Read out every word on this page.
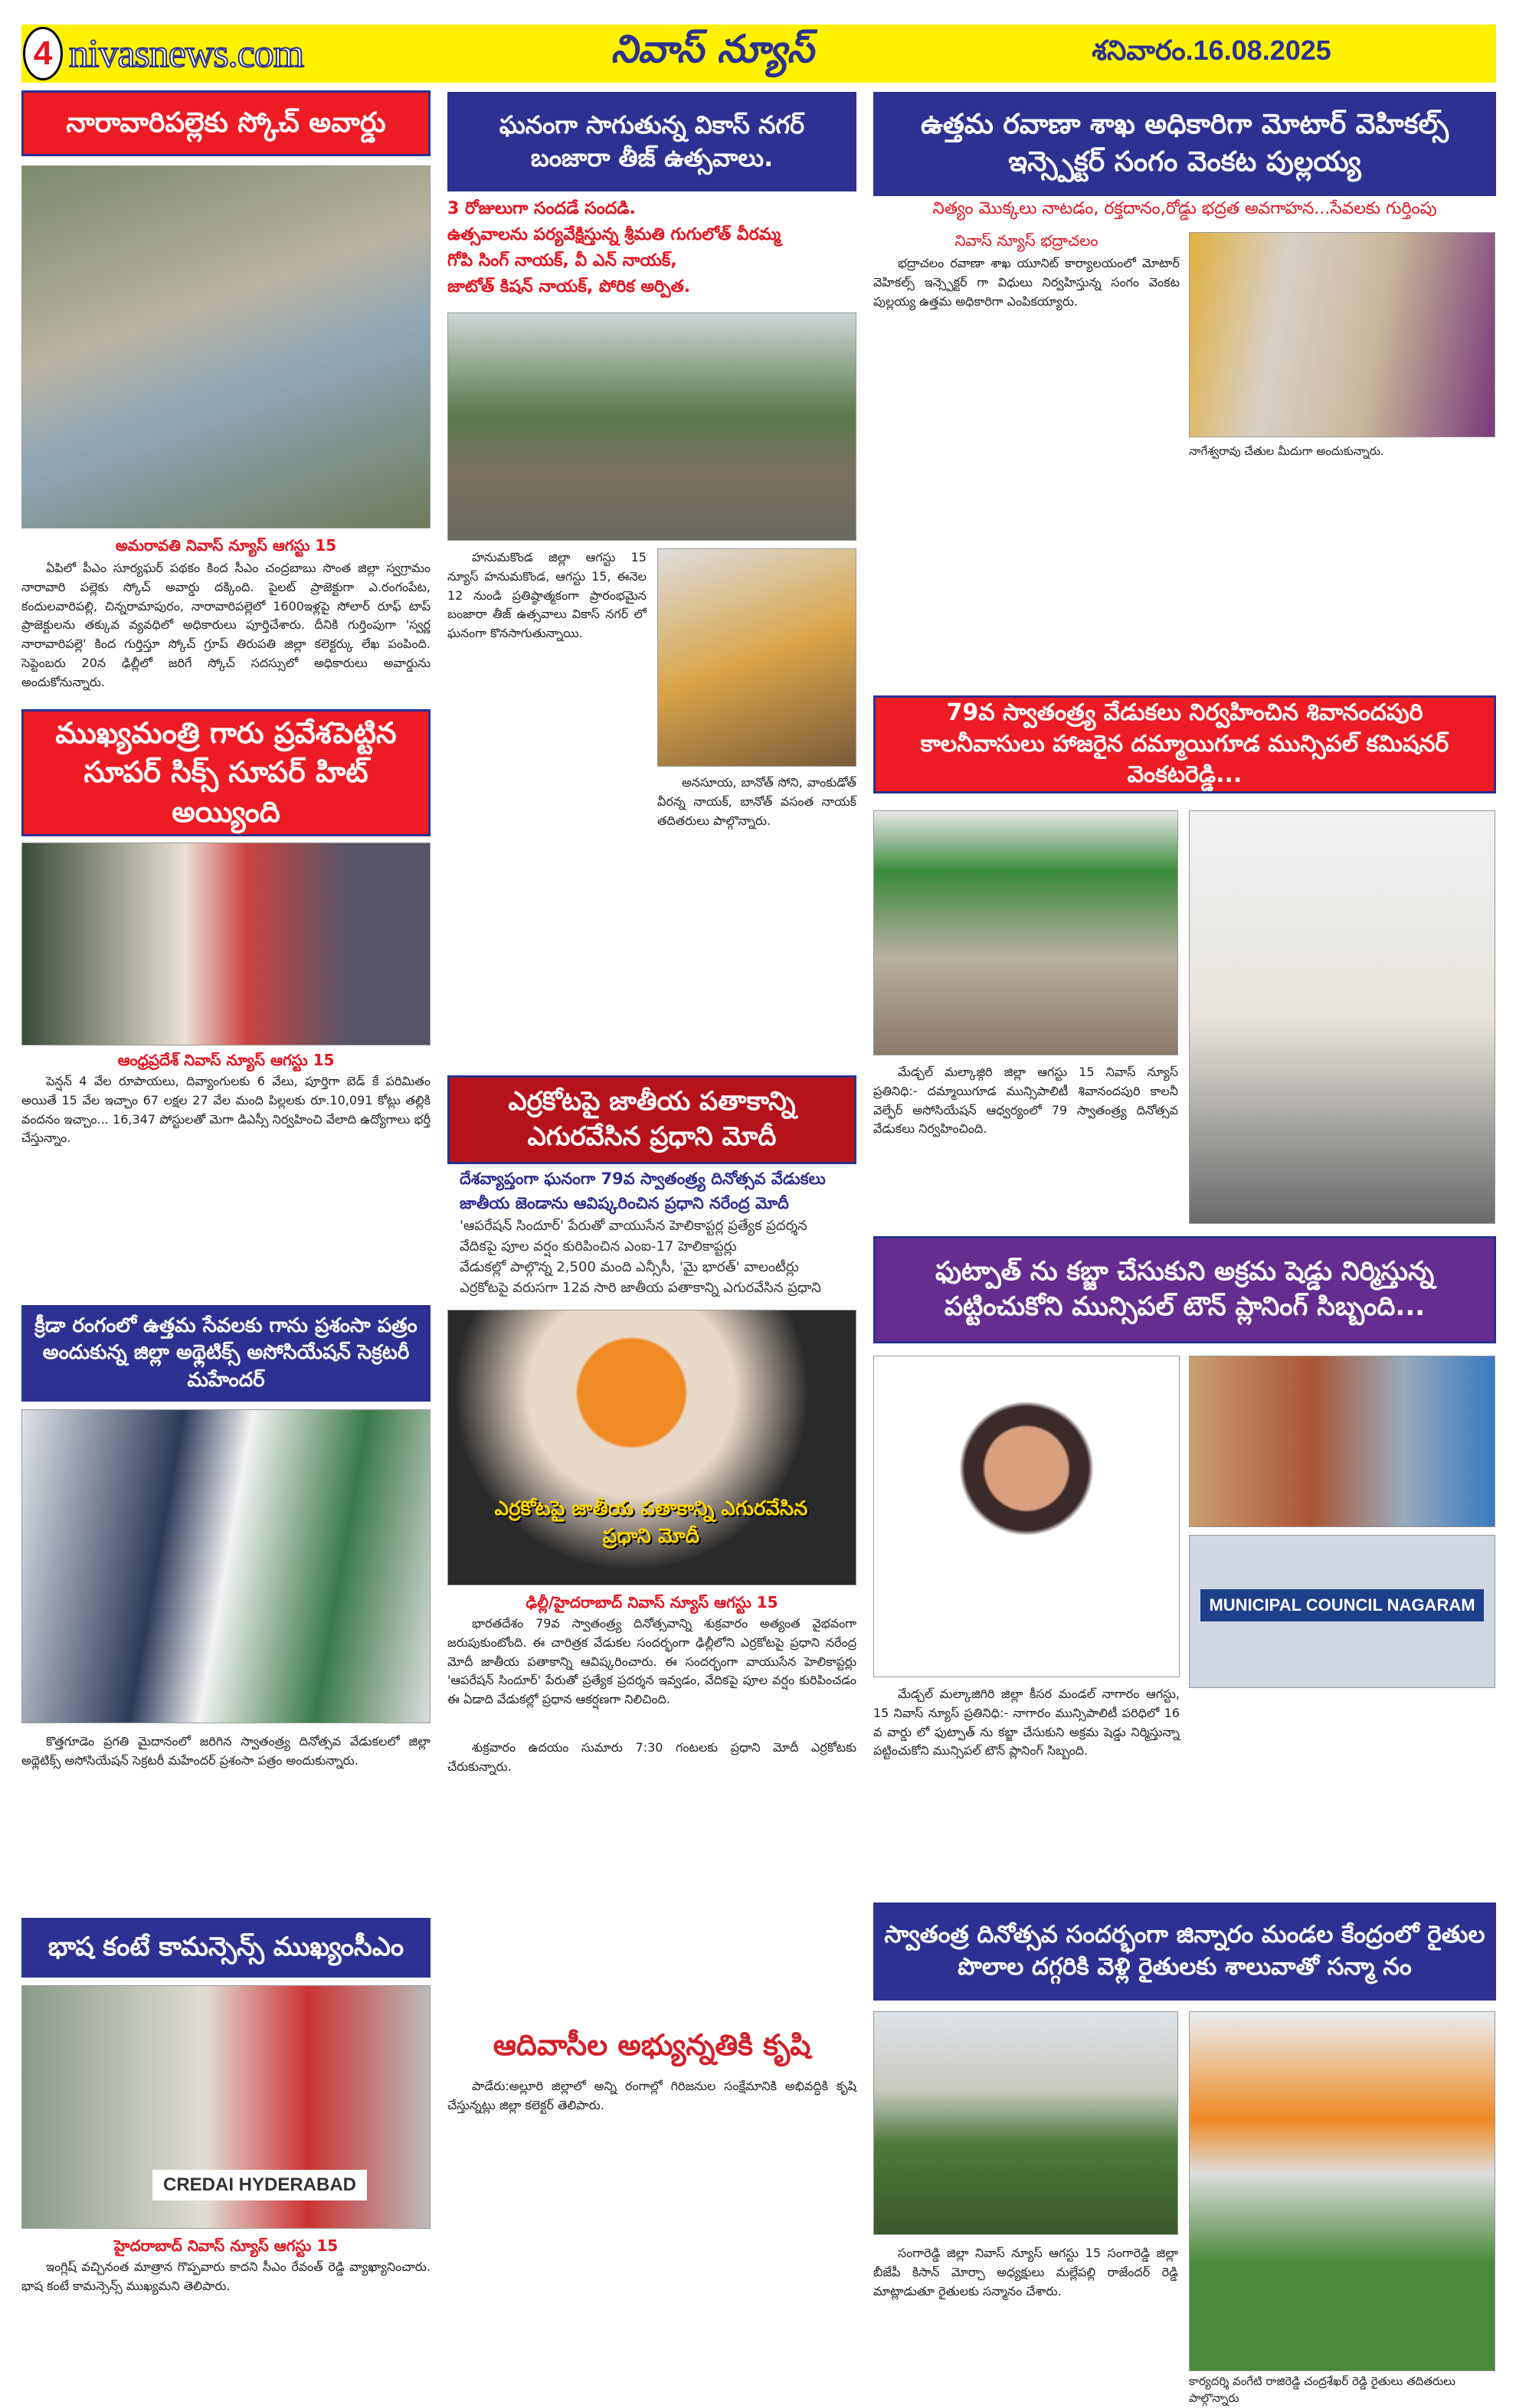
4 nivasnews.com	నివాస్ న్యూస్	శనివారం.16.08.2025
నారావారిపల్లెకు స్కోచ్ అవార్డు
అమరావతి నివాస్ న్యూస్ ఆగస్టు 15
ఏపిలో పీఎం సూర్యఘర్ పథకం కింద సీఎం చంద్రబాబు సొంత జిల్లా స్వగ్రామం నారావారి పల్లెకు స్కోచ్ అవార్డు దక్కింది. పైలట్ ప్రాజెక్టుగా ఎ.రంగంపేట, కందులవారిపల్లి, చిన్నరామాపురం, నారావారిపల్లెలో 1600ఇళ్లపై సోలార్ రూఫ్ టాప్ ప్రాజెక్టులను తక్కువ వ్యవధిలో అధికారులు పూర్తిచేశారు. దీనికి గుర్తింపుగా 'స్వర్ణ నారావారిపల్లె' కింద గుర్తిస్తూ స్కోచ్ గ్రూప్ తిరుపతి జిల్లా కలెక్టర్కు లేఖ పంపింది. సెప్టెంబరు 20న ఢిల్లీలో జరిగే స్కోచ్ సదస్సులో అధికారులు అవార్డును అందుకోనున్నారు.
ముఖ్యమంత్రి గారు ప్రవేశపెట్టిన సూపర్ సిక్స్ సూపర్ హిట్ అయ్యింది
ఆంధ్రప్రదేశ్ నివాస్ న్యూస్ ఆగస్టు 15
పెన్షన్ 4 వేల రూపాయలు, దివ్యాంగులకు 6 వేలు, పూర్తిగా బెడ్ కే పరిమితం అయితే 15 వేల ఇచ్చాం 67 లక్షల 27 వేల మంది పిల్లలకు రూ.10,091 కోట్లు తల్లికి వందనం ఇచ్చాం... 16,347 పోస్టులతో మెగా డిఎస్సీ నిర్వహించి వేలాది ఉద్యోగాలు భర్తీ చేస్తున్నాం.
క్రీడా రంగంలో ఉత్తమ సేవలకు గాను ప్రశంసా పత్రం అందుకున్న జిల్లా అథ్లెటిక్స్ అసోసియేషన్ సెక్రటరీ మహేందర్
కొత్తగూడెం ప్రగతి మైదానంలో జరిగిన స్వాతంత్ర్య దినోత్సవ వేడుకలలో జిల్లా అథ్లెటిక్స్ అసోసియేషన్ సెక్రటరీ మహేందర్ ప్రశంసా పత్రం అందుకున్నారు.
భాష కంటే కామన్సెన్స్ ముఖ్యంసీఎం
CREDAI HYDERABAD
హైదరాబాద్ నివాస్ న్యూస్ ఆగస్టు 15
ఇంగ్లిష్ వచ్చినంత మాత్రాన గొప్పవారు కాదని సీఎం రేవంత్ రెడ్డి వ్యాఖ్యానించారు. భాష కంటే కామన్సెన్స్ ముఖ్యమని తెలిపారు.
ఘనంగా సాగుతున్న వికాస్ నగర్ బంజారా తీజ్ ఉత్సవాలు.
3 రోజులుగా సందడే సందడి.
ఉత్సవాలను పర్యవేక్షిస్తున్న శ్రీమతి గుగులోత్ వీరమ్మ
గోపి సింగ్ నాయక్, వీ ఎన్ నాయక్,
జాటోత్ కిషన్ నాయక్, పోరిక అర్పిత.
హనుమకొండ జిల్లా ఆగస్టు 15 న్యూస్ హనుమకొండ, ఆగస్టు 15, ఈనెల 12 నుండి ప్రతిష్ఠాత్మకంగా ప్రారంభమైన బంజారా తీజ్ ఉత్సవాలు వికాస్ నగర్ లో ఘనంగా కొనసాగుతున్నాయి.
అనసూయ, బానోత్ సోని, వాంకుడోత్ వీరన్న నాయక్, బానోత్ వసంత నాయక్ తదితరులు పాల్గొన్నారు.
ఎర్రకోటపై జాతీయ పతాకాన్ని ఎగురవేసిన ప్రధాని మోదీ
దేశవ్యాప్తంగా ఘనంగా 79వ స్వాతంత్ర్య దినోత్సవ వేడుకలు
జాతీయ జెండాను ఆవిష్కరించిన ప్రధాని నరేంద్ర మోదీ
'ఆపరేషన్ సిందూర్' పేరుతో వాయుసేన హెలికాప్టర్ల ప్రత్యేక ప్రదర్శన
వేదికపై పూల వర్షం కురిపించిన ఎంఐ-17 హెలికాప్టర్లు
వేడుకల్లో పాల్గొన్న 2,500 మంది ఎన్సీసీ, 'మై భారత్' వాలంటీర్లు
ఎర్రకోటపై వరుసగా 12వ సారి జాతీయ పతాకాన్ని ఎగురవేసిన ప్రధాని
ఎర్రకోటపై జాతీయ పతాకాన్ని ఎగురవేసిన ప్రధాని మోదీ
ఢిల్లీ/హైదరాబాద్ నివాస్ న్యూస్ ఆగస్టు 15
భారతదేశం 79వ స్వాతంత్ర్య దినోత్సవాన్ని శుక్రవారం అత్యంత వైభవంగా జరుపుకుంటోంది. ఈ చారిత్రక వేడుకల సందర్భంగా ఢిల్లీలోని ఎర్రకోటపై ప్రధాని నరేంద్ర మోదీ జాతీయ పతాకాన్ని ఆవిష్కరించారు. ఈ సందర్భంగా వాయుసేన హెలికాప్టర్లు 'ఆపరేషన్ సిందూర్' పేరుతో ప్రత్యేక ప్రదర్శన ఇవ్వడం, వేదికపై పూల వర్షం కురిపించడం ఈ ఏడాది వేడుకల్లో ప్రధాన ఆకర్షణగా నిలిచింది.
శుక్రవారం ఉదయం సుమారు 7:30 గంటలకు ప్రధాని మోదీ ఎర్రకోటకు చేరుకున్నారు.
ఆదివాసీల అభ్యున్నతికి కృషి
పాడేరు:అల్లూరి జిల్లాలో అన్ని రంగాల్లో గిరిజనుల సంక్షేమానికి అభివద్ధికి కృషి చేస్తున్నట్లు జిల్లా కలెక్టర్ తెలిపారు.
ఉత్తమ రవాణా శాఖ అధికారిగా మోటార్ వెహికల్స్ ఇన్స్పెక్టర్ సంగం వెంకట పుల్లయ్య
నిత్యం మొక్కలు నాటడం, రక్తదానం,రోడ్డు భద్రత అవగాహన...సేవలకు గుర్తింపు
నివాస్ న్యూస్ భద్రాచలం
భద్రాచలం రవాణా శాఖ యూనిట్ కార్యాలయంలో మోటార్ వెహికల్స్ ఇన్స్పెక్టర్ గా విధులు నిర్వహిస్తున్న సంగం వెంకట పుల్లయ్య ఉత్తమ అధికారిగా ఎంపికయ్యారు.
నాగేశ్వరావు చేతుల మీదుగా అందుకున్నారు.
79వ స్వాతంత్ర్య వేడుకలు నిర్వహించిన శివానందపురి కాలనీవాసులు హాజరైన దమ్మాయిగూడ మున్సిపల్ కమిషనర్ వెంకటరెడ్డి...
మేడ్చల్ మల్కాజ్గిరి జిల్లా ఆగస్టు 15 నివాస్ న్యూస్ ప్రతినిధి:- దమ్మాయిగూడ మున్సిపాలిటీ శివానందపురి కాలనీ వెల్ఫేర్ అసోసియేషన్ ఆధ్వర్యంలో 79 స్వాతంత్ర్య దినోత్సవ వేడుకలు నిర్వహించింది.
ఫుట్పాత్ ను కబ్జా చేసుకుని అక్రమ షెడ్డు నిర్మిస్తున్న పట్టించుకోని మున్సిపల్ టౌన్ ప్లానింగ్ సిబ్బంది...
MUNICIPAL COUNCIL NAGARAM
మేడ్చల్ మల్కాజిగిరి జిల్లా కీసర మండల్ నాగారం ఆగస్టు, 15 నివాస్ న్యూస్ ప్రతినిధి:- నాగారం మున్సిపాలిటీ పరిధిలో 16 వ వార్డు లో ఫుట్పాత్ ను కబ్జా చేసుకుని అక్రమ షెడ్డు నిర్మిస్తున్నా పట్టించుకోని మున్సిపల్ టౌన్ ప్లానింగ్ సిబ్బంది.
స్వాతంత్ర దినోత్సవ సందర్భంగా జిన్నారం మండల కేంద్రంలో రైతుల పొలాల దగ్గరికి వెళ్లి రైతులకు శాలువాతో సన్మా నం
సంగారెడ్డి జిల్లా నివాస్ న్యూస్ ఆగస్టు 15 సంగారెడ్డి జిల్లా బీజేపీ కిసాన్ మోర్చా అధ్యక్షులు మల్లేపల్లి రాజేందర్ రెడ్డి మాట్లాడుతూ రైతులకు సన్మానం చేశారు.
కార్యదర్శి వంగేటి రాజిరెడ్డి చంద్రశేఖర్ రెడ్డి రైతులు తదితరులు పాల్గొన్నారు
